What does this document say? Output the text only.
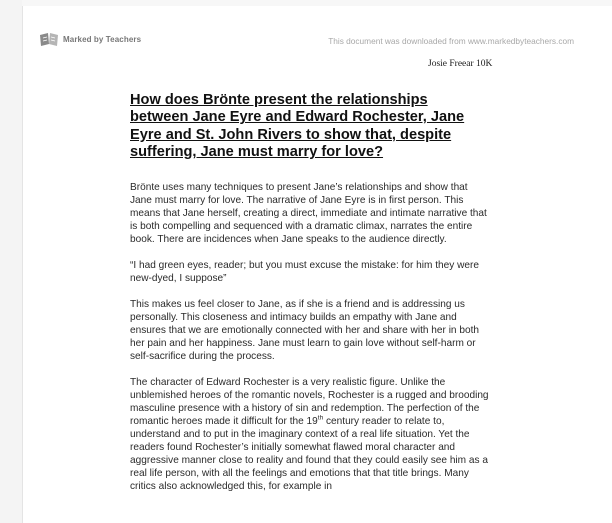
Marked by Teachers	This document was downloaded from www.markedbyteachers.com
Josie Freear 10K
How does Brönte present the relationships between Jane Eyre and Edward Rochester, Jane Eyre and St. John Rivers to show that, despite suffering, Jane must marry for love?

Brönte uses many techniques to present Jane’s relationships and show that Jane must marry for love. The narrative of Jane Eyre is in first person. This means that Jane herself, creating a direct, immediate and intimate narrative that is both compelling and sequenced with a dramatic climax, narrates the entire book. There are incidences when Jane speaks to the audience directly.

“I had green eyes, reader; but you must excuse the mistake: for him they were new-dyed, I suppose”

This makes us feel closer to Jane, as if she is a friend and is addressing us personally. This closeness and intimacy builds an empathy with Jane and ensures that we are emotionally connected with her and share with her in both her pain and her happiness. Jane must learn to gain love without self-harm or self-sacrifice during the process.

The character of Edward Rochester is a very realistic figure. Unlike the unblemished heroes of the romantic novels, Rochester is a rugged and brooding masculine presence with a history of sin and redemption. The perfection of the romantic heroes made it difficult for the 19th century reader to relate to, understand and to put in the imaginary context of a real life situation. Yet the readers found Rochester’s initially somewhat flawed moral character and aggressive manner close to reality and found that they could easily see him as a real life person, with all the feelings and emotions that that title brings. Many critics also acknowledged this, for example in
